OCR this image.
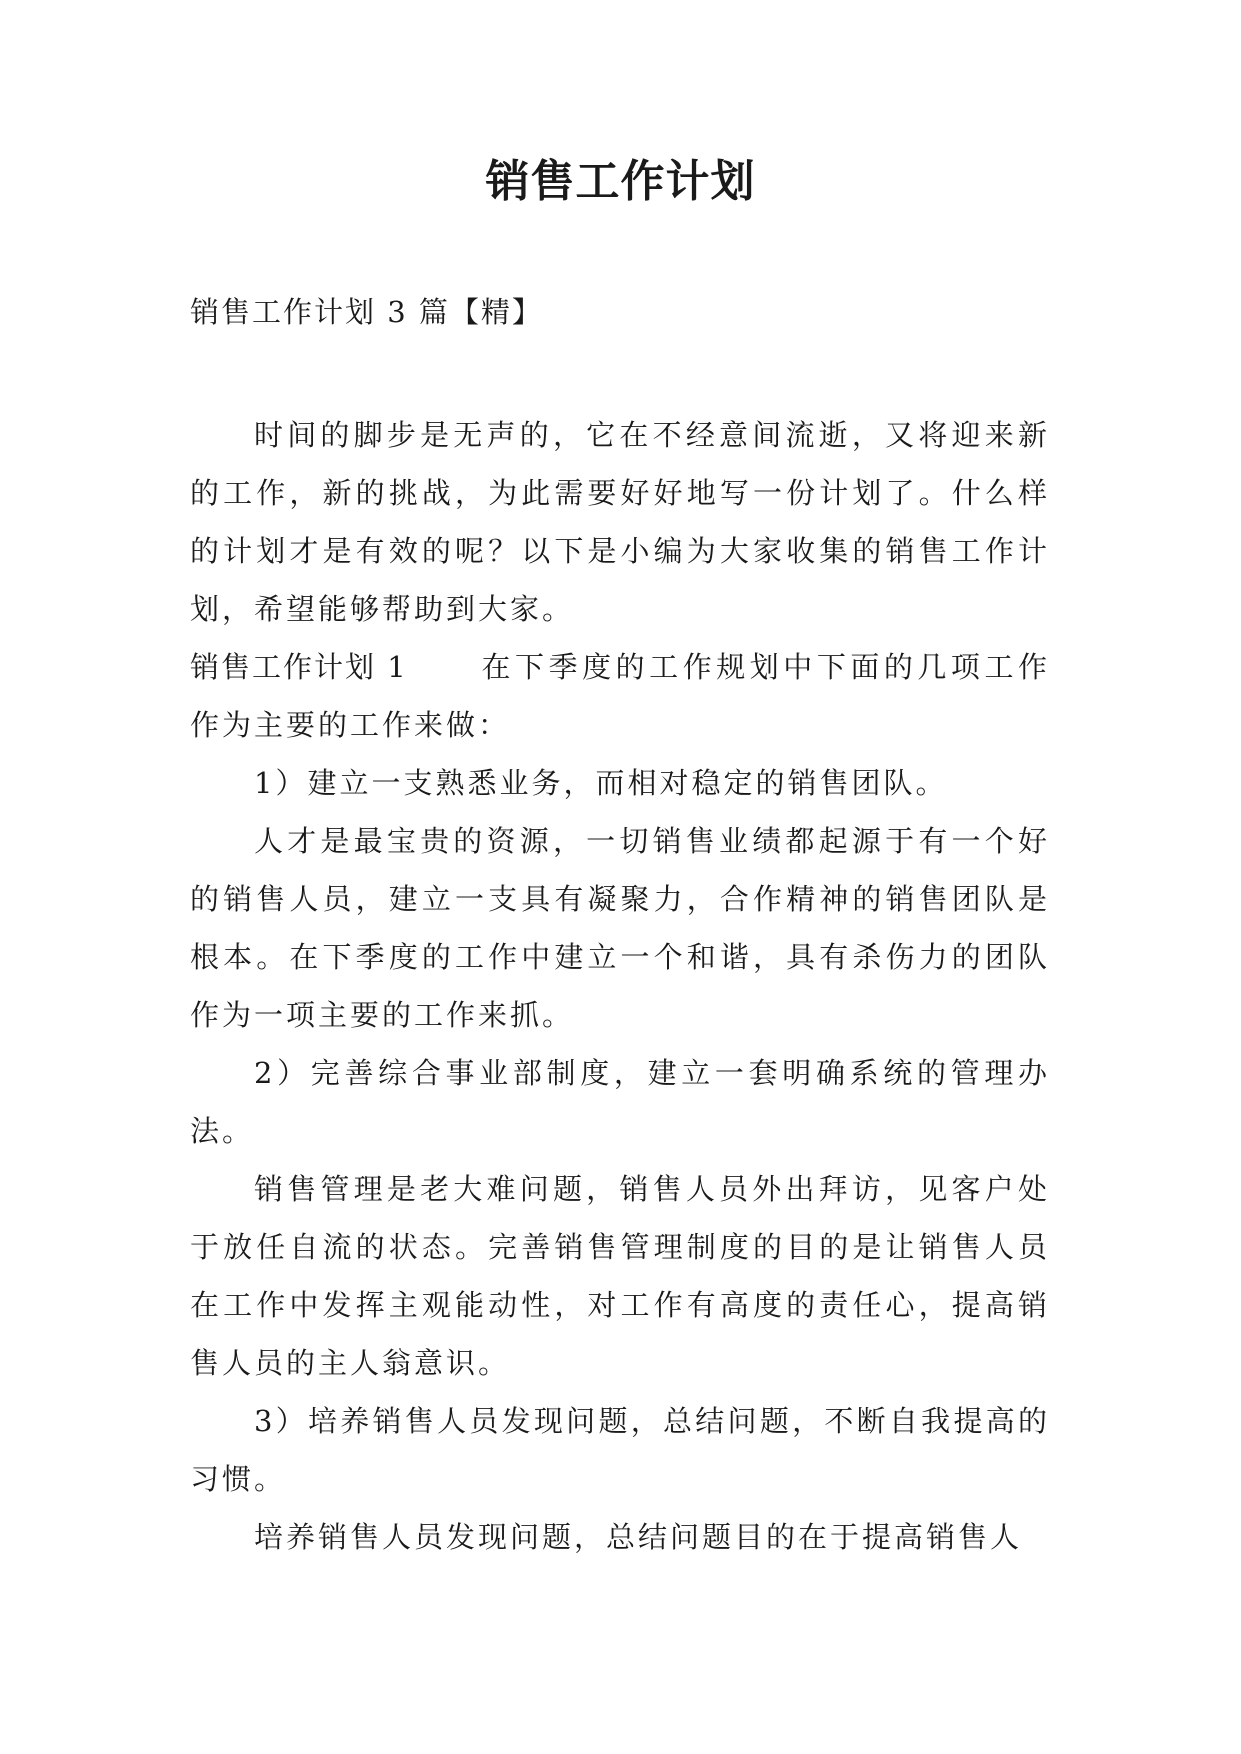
销售工作计划
销售工作计划 3 篇【精】

时间的脚步是无声的，它在不经意间流逝，又将迎来新的工作，新的挑战，为此需要好好地写一份计划了。什么样的计划才是有效的呢？以下是小编为大家收集的销售工作计划，希望能够帮助到大家。

销售工作计划 1 在下季度的工作规划中下面的几项工作作为主要的工作来做：

1）建立一支熟悉业务，而相对稳定的销售团队。

人才是最宝贵的资源，一切销售业绩都起源于有一个好的销售人员，建立一支具有凝聚力，合作精神的销售团队是根本。在下季度的工作中建立一个和谐，具有杀伤力的团队作为一项主要的工作来抓。

2）完善综合事业部制度，建立一套明确系统的管理办法。

销售管理是老大难问题，销售人员外出拜访，见客户处于放任自流的状态。完善销售管理制度的目的是让销售人员在工作中发挥主观能动性，对工作有高度的责任心，提高销售人员的主人翁意识。

3）培养销售人员发现问题，总结问题，不断自我提高的习惯。

培养销售人员发现问题，总结问题目的在于提高销售人
